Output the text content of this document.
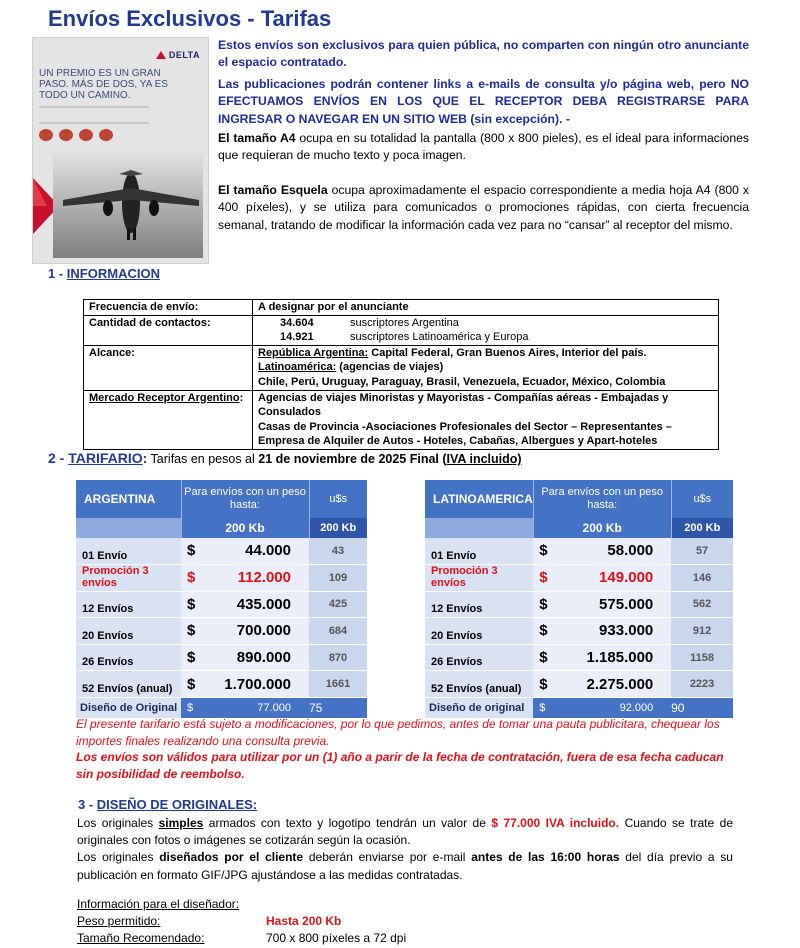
Envíos Exclusivos - Tarifas
DELTA
UN PREMIO ES UN GRAN PASO. MÁS DE DOS, YA ES TODO UN CAMINO.

Estos envíos son exclusivos para quien pública, no comparten con ningún otro anunciante el espacio contratado.

Las publicaciones podrán contener links a e-mails de consulta y/o página web, pero NO EFECTUAMOS ENVÍOS EN LOS QUE EL RECEPTOR DEBA REGISTRARSE PARA INGRESAR O NAVEGAR EN UN SITIO WEB (sin excepción). -

El tamaño A4 ocupa en su totalidad la pantalla (800 x 800 pieles), es el ideal para informaciones que requieran de mucho texto y poca imagen.

El tamaño Esquela ocupa aproximadamente el espacio correspondiente a media hoja A4 (800 x 400 píxeles), y se utiliza para comunicados o promociones rápidas, con cierta frecuencia semanal, tratando de modificar la información cada vez para no “cansar” al receptor del mismo.

1 - INFORMACION
Frecuencia de envío:	A designar por el anunciante
Cantidad de contactos:	34.604 suscriptores Argentina
14.921 suscriptores Latinoamérica y Europa

Alcance:	República Argentina: Capital Federal, Gran Buenos Aires, Interior del país.
Latinoamérica: (agencias de viajes)
Chile, Perú, Uruguay, Paraguay, Brasil, Venezuela, Ecuador, México, Colombia

Mercado Receptor Argentino:	Agencias de viajes Minoristas y Mayoristas - Compañías aéreas - Embajadas y Consulados
Casas de Provincia -Asociaciones Profesionales del Sector – Representantes –
Empresa de Alquiler de Autos - Hoteles, Cabañas, Albergues y Apart-hoteles
2 - TARIFARIO: Tarifas en pesos al 21 de noviembre de 2025 Final (IVA incluido)
ARGENTINA	Para envíos con un peso hasta:	u$s
	200 Kb	200 Kb
01 Envío	$ 44.000	43
Promoción 3 envíos	$ 112.000	109
12 Envíos	$ 435.000	425
20 Envíos	$ 700.000	684
26 Envíos	$ 890.000	870
52 Envíos (anual)	$ 1.700.000	1661
Diseño de Original	$ 77.000	75
LATINOAMERICA	Para envíos con un peso hasta:	u$s
	200 Kb	200 Kb
01 Envío	$ 58.000	57
Promoción 3 envíos	$ 149.000	146
12 Envíos	$ 575.000	562
20 Envíos	$ 933.000	912
26 Envíos	$ 1.185.000	1158
52 Envíos (anual)	$ 2.275.000	2223
Diseño de original	$ 92.000	90
El presente tarifario está sujeto a modificaciones, por lo que pedimos, antes de tomar una pauta publicitara, chequear los importes finales realizando una consulta previa.
Los envíos son válidos para utilizar por un (1) año a parir de la fecha de contratación, fuera de esa fecha caducan sin posibilidad de reembolso.
3 - DISEÑO DE ORIGINALES:

Los originales simples armados con texto y logotipo tendrán un valor de $ 77.000 IVA incluido. Cuando se trate de originales con fotos o imágenes se cotizarán según la ocasión.

Los originales diseñados por el cliente deberán enviarse por e-mail antes de las 16:00 horas del día previo a su publicación en formato GIF/JPG ajustándose a las medidas contratadas.

Información para el diseñador:
Peso permitido:	Hasta 200 Kb
Tamaño Recomendado:	700 x 800 píxeles a 72 dpi
